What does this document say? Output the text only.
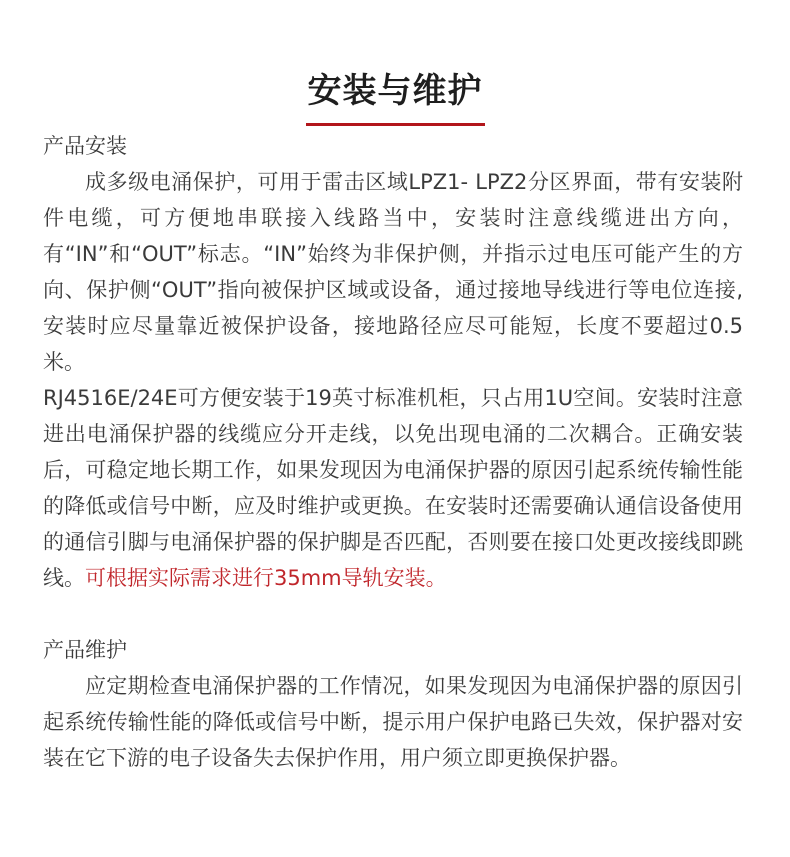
安装与维护
产品安装

成多级电涌保护，可用于雷击区域LPZ1- LPZ2分区界面，带有安装附件电缆，可方便地串联接入线路当中，安装时注意线缆进出方向，有“IN”和“OUT”标志。“IN”始终为非保护侧，并指示过电压可能产生的方向、保护侧“OUT”指向被保护区域或设备，通过接地导线进行等电位连接,安装时应尽量靠近被保护设备，接地路径应尽可能短，长度不要超过0.5米。

RJ4516E/24E可方便安装于19英寸标准机柜，只占用1U空间。安装时注意进出电涌保护器的线缆应分开走线，以免出现电涌的二次耦合。正确安装后，可稳定地长期工作，如果发现因为电涌保护器的原因引起系统传输性能的降低或信号中断，应及时维护或更换。在安装时还需要确认通信设备使用的通信引脚与电涌保护器的保护脚是否匹配，否则要在接口处更改接线即跳线。可根据实际需求进行35mm导轨安装。

产品维护

应定期检查电涌保护器的工作情况，如果发现因为电涌保护器的原因引起系统传输性能的降低或信号中断，提示用户保护电路已失效，保护器对安装在它下游的电子设备失去保护作用，用户须立即更换保护器。
